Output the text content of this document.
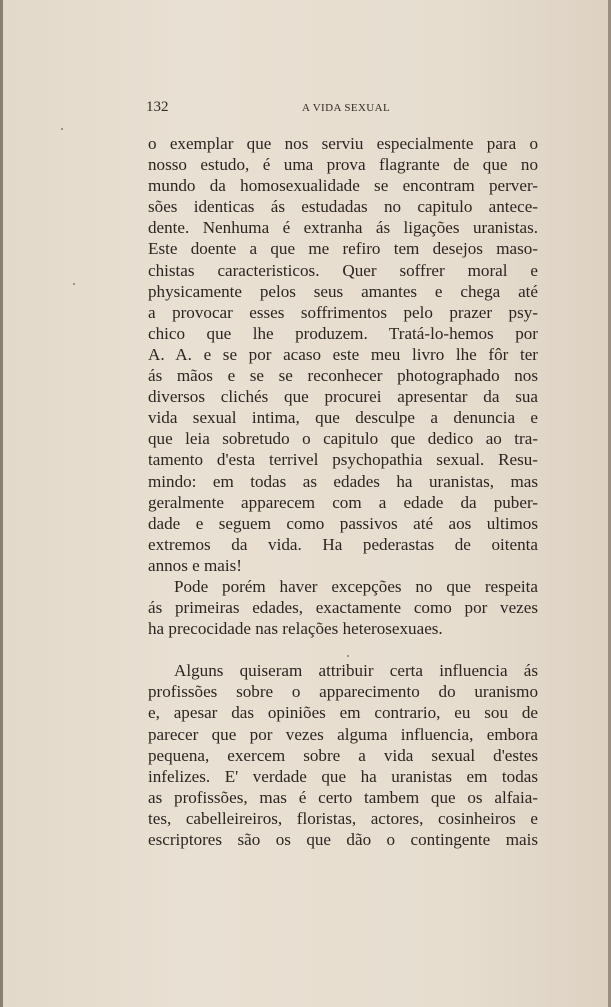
132	A VIDA SEXUAL
o exemplar que nos serviu especialmente para o
nosso estudo, é uma prova flagrante de que no
mundo da homosexualidade se encontram perver-
sões identicas ás estudadas no capitulo antece-
dente. Nenhuma é extranha ás ligações uranistas.
Este doente a que me refiro tem desejos maso-
chistas caracteristicos. Quer soffrer moral e
physicamente pelos seus amantes e chega até
a provocar esses soffrimentos pelo prazer psy-
chico que lhe produzem. Tratá-lo-hemos por
A. A. e se por acaso este meu livro lhe fôr ter
ás mãos e se se reconhecer photographado nos
diversos clichés que procurei apresentar da sua
vida sexual intima, que desculpe a denuncia e
que leia sobretudo o capitulo que dedico ao tra-
tamento d'esta terrivel psychopathia sexual. Resu-
mindo: em todas as edades ha uranistas, mas
geralmente apparecem com a edade da puber-
dade e seguem como passivos até aos ultimos
extremos da vida. Ha pederastas de oitenta
annos e mais!
Pode porém haver excepções no que respeita
ás primeiras edades, exactamente como por vezes
ha precocidade nas relações heterosexuaes.
Alguns quiseram attribuir certa influencia ás
profissões sobre o apparecimento do uranismo
e, apesar das opiniões em contrario, eu sou de
parecer que por vezes alguma influencia, embora
pequena, exercem sobre a vida sexual d'estes
infelizes. E' verdade que ha uranistas em todas
as profissões, mas é certo tambem que os alfaia-
tes, cabelleireiros, floristas, actores, cosinheiros e
escriptores são os que dão o contingente mais
